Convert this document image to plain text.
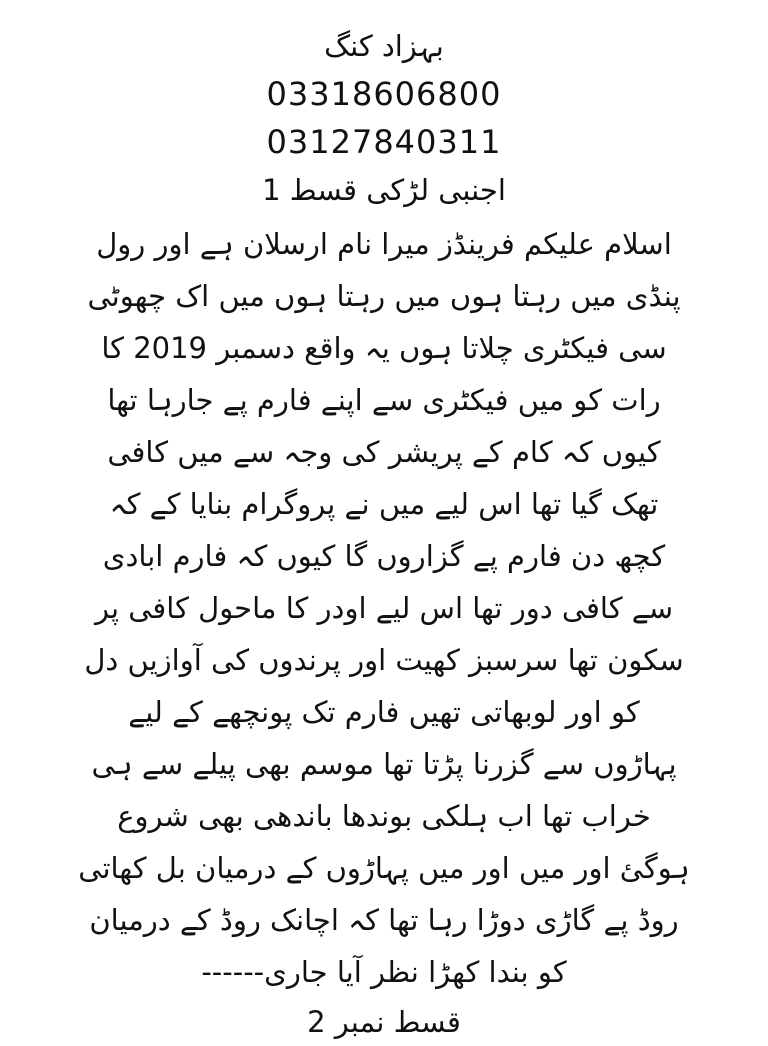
بہزاد کنگ
03318606800
03127840311
اجنبی لڑکی قسط 1
اسلام علیکم فرینڈز میرا نام ارسلان ہے اور رول
پنڈی میں رہتا ہوں میں رہتا ہوں میں اک چھوٹی
سی فیکٹری چلاتا ہوں یہ واقع دسمبر 2019 کا
رات کو میں فیکٹری سے اپنے فارم پے جارہا تھا
کیوں کہ کام کے پریشر کی وجہ سے میں کافی
تھک گیا تھا اس لیے میں نے پروگرام بنایا کے کہ
کچھ دن فارم پے گزاروں گا کیوں کہ فارم ابادی
سے کافی دور تھا اس لیے اودر کا ماحول کافی پر
سکون تھا سرسبز کھیت اور پرندوں کی آوازیں دل
کو اور لوبھاتی تھیں فارم تک پونچھے کے لیے
پہاڑوں سے گزرنا پڑتا تھا موسم بھی پیلے سے ہی
خراب تھا اب ہلکی بوندھا باندھی بھی شروع
ہوگئ اور میں اور میں پہاڑوں کے درمیان بل کھاتی
روڈ پے گاڑی دوڑا رہا تھا کہ اچانک روڈ کے درمیان
کو بندا کھڑا نظر آیا جاری------
قسط نمبر 2
